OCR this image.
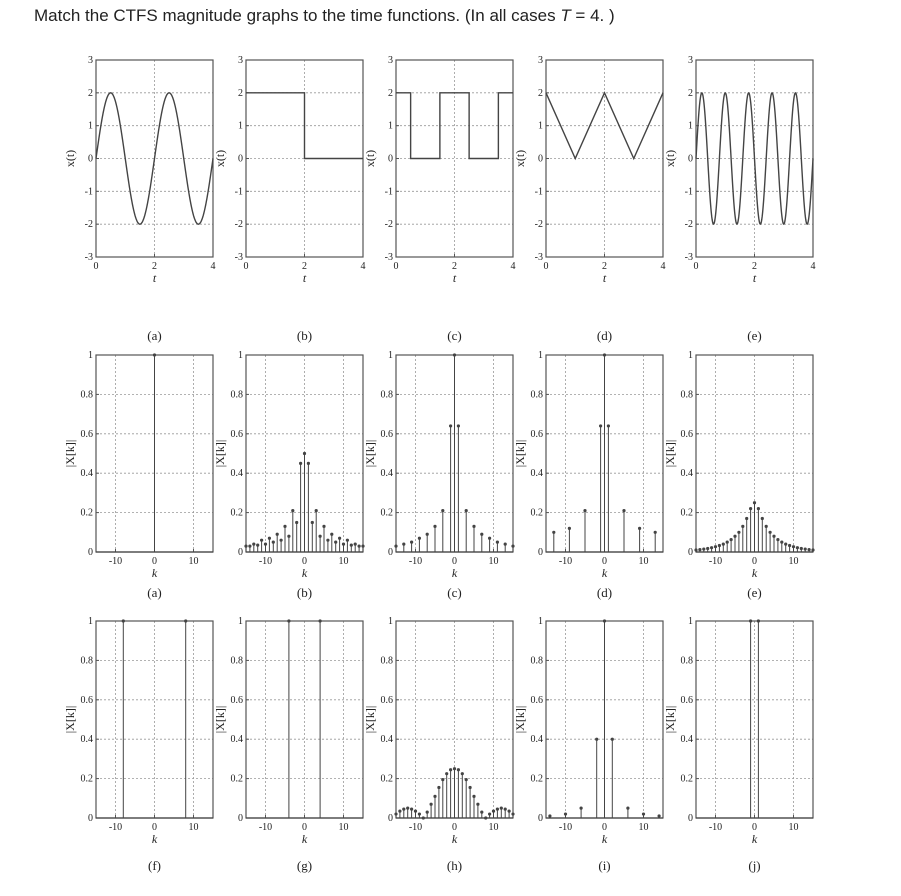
Match the CTFS magnitude graphs to the time functions. (In all cases T = 4. )
0	2	4
-3
-2
-1
0
1
2
3
t
x(t)
(a)
0	2	4
-3
-2
-1
0
1
2
3
t
x(t)
(b)
0	2	4
-3
-2
-1
0
1
2
3
t
x(t)
(c)
0	2	4
-3
-2
-1
0
1
2
3
t
x(t)
(d)
0	2	4
-3
-2
-1
0
1
2
3
t
x(t)
(e)
-10	0	10
0
0.2
0.4
0.6
0.8
1
k
|X[k]|
(a)
-10	0	10
0
0.2
0.4
0.6
0.8
1
k
|X[k]|
(b)
-10	0	10
0
0.2
0.4
0.6
0.8
1
k
|X[k]|
(c)
-10	0	10
0
0.2
0.4
0.6
0.8
1
k
|X[k]|
(d)
-10	0	10
0
0.2
0.4
0.6
0.8
1
k
|X[k]|
(e)
-10	0	10
0
0.2
0.4
0.6
0.8
1
k
|X[k]|
(f)
-10	0	10
0
0.2
0.4
0.6
0.8
1
k
|X[k]|
(g)
-10	0	10
0
0.2
0.4
0.6
0.8
1
k
|X[k]|
(h)
-10	0	10
0
0.2
0.4
0.6
0.8
1
k
|X[k]|
(i)
-10	0	10
0
0.2
0.4
0.6
0.8
1
k
|X[k]|
(j)
